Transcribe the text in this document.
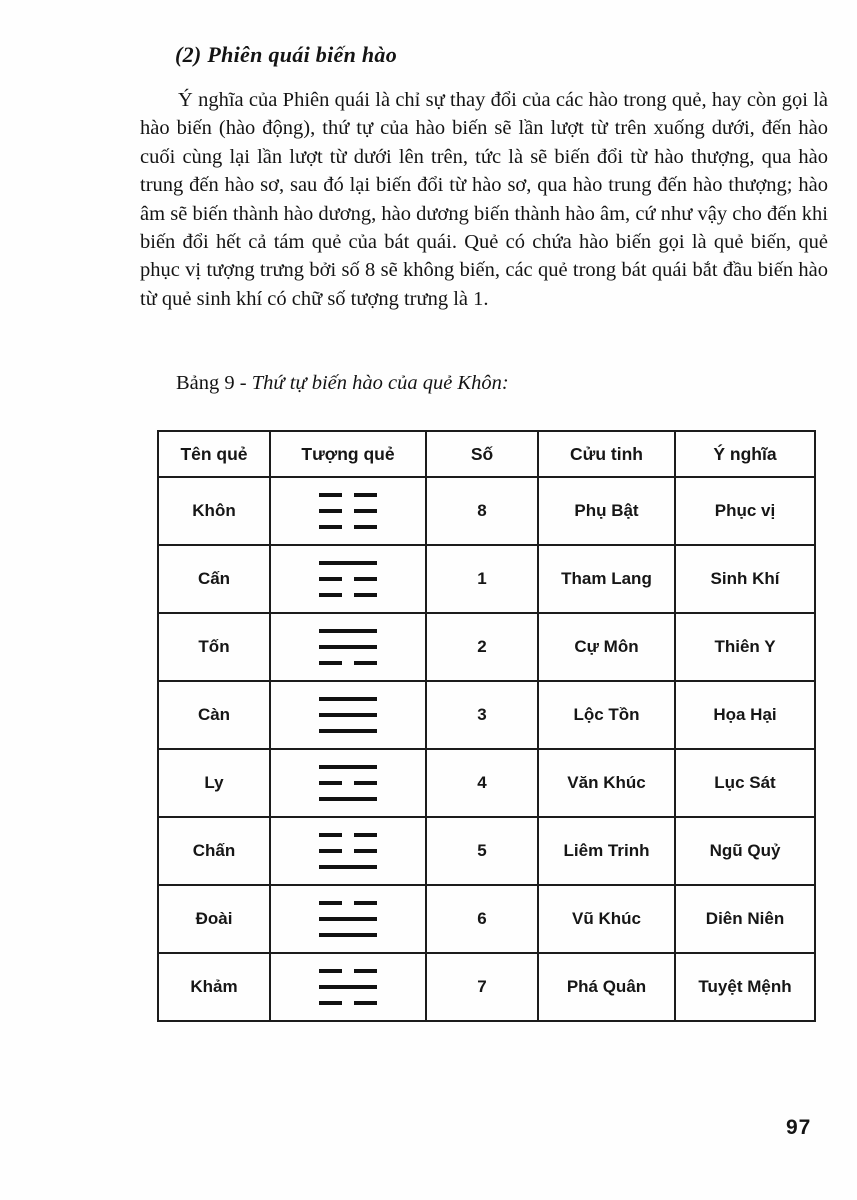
(2) Phiên quái biến hào
Ý nghĩa của Phiên quái là chỉ sự thay đổi của các hào trong quẻ, hay còn gọi là hào biến (hào động), thứ tự của hào biến sẽ lần lượt từ trên xuống dưới, đến hào cuối cùng lại lần lượt từ dưới lên trên, tức là sẽ biến đổi từ hào thượng, qua hào trung đến hào sơ, sau đó lại biến đổi từ hào sơ, qua hào trung đến hào thượng; hào âm sẽ biến thành hào dương, hào dương biến thành hào âm, cứ như vậy cho đến khi biến đổi hết cả tám quẻ của bát quái. Quẻ có chứa hào biến gọi là quẻ biến, quẻ phục vị tượng trưng bởi số 8 sẽ không biến, các quẻ trong bát quái bắt đầu biến hào từ quẻ sinh khí có chữ số tượng trưng là 1.
Bảng 9 - Thứ tự biến hào của quẻ Khôn:
Tên quẻ	Tượng quẻ	Số	Cửu tinh	Ý nghĩa
Khôn		8	Phụ Bật	Phục vị
Cấn		1	Tham Lang	Sinh Khí
Tốn		2	Cự Môn	Thiên Y
Càn		3	Lộc Tồn	Họa Hại
Ly		4	Văn Khúc	Lục Sát
Chấn		5	Liêm Trinh	Ngũ Quỷ
Đoài		6	Vũ Khúc	Diên Niên
Khảm		7	Phá Quân	Tuyệt Mệnh
97
